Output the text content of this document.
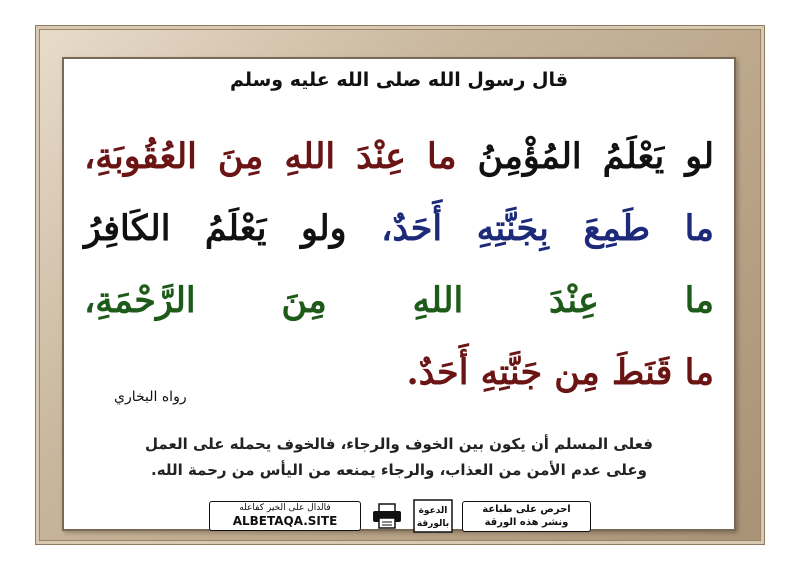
قال رسول الله صلى الله عليه وسلم
لو يَعْلَمُ المُؤْمِنُ ما عِنْدَ اللهِ مِنَ العُقُوبَةِ، ما طَمِعَ بِجَنَّتِهِ أَحَدٌ، ولو يَعْلَمُ الكَافِرُ ما عِنْدَ اللهِ مِنَ الرَّحْمَةِ، ما قَنَطَ مِن جَنَّتِهِ أَحَدٌ.
رواه البخاري
فعلى المسلم أن يكون بين الخوف والرجاء، فالخوف يحمله على العمل
وعلى عدم الأمن من العذاب، والرجاء يمنعه من اليأس من رحمة الله.
فالدال على الخير كفاعله
ALBETAQA.SITE
الدعوة
بالورقة
احرص على طباعة
ونشر هذه الورقة
